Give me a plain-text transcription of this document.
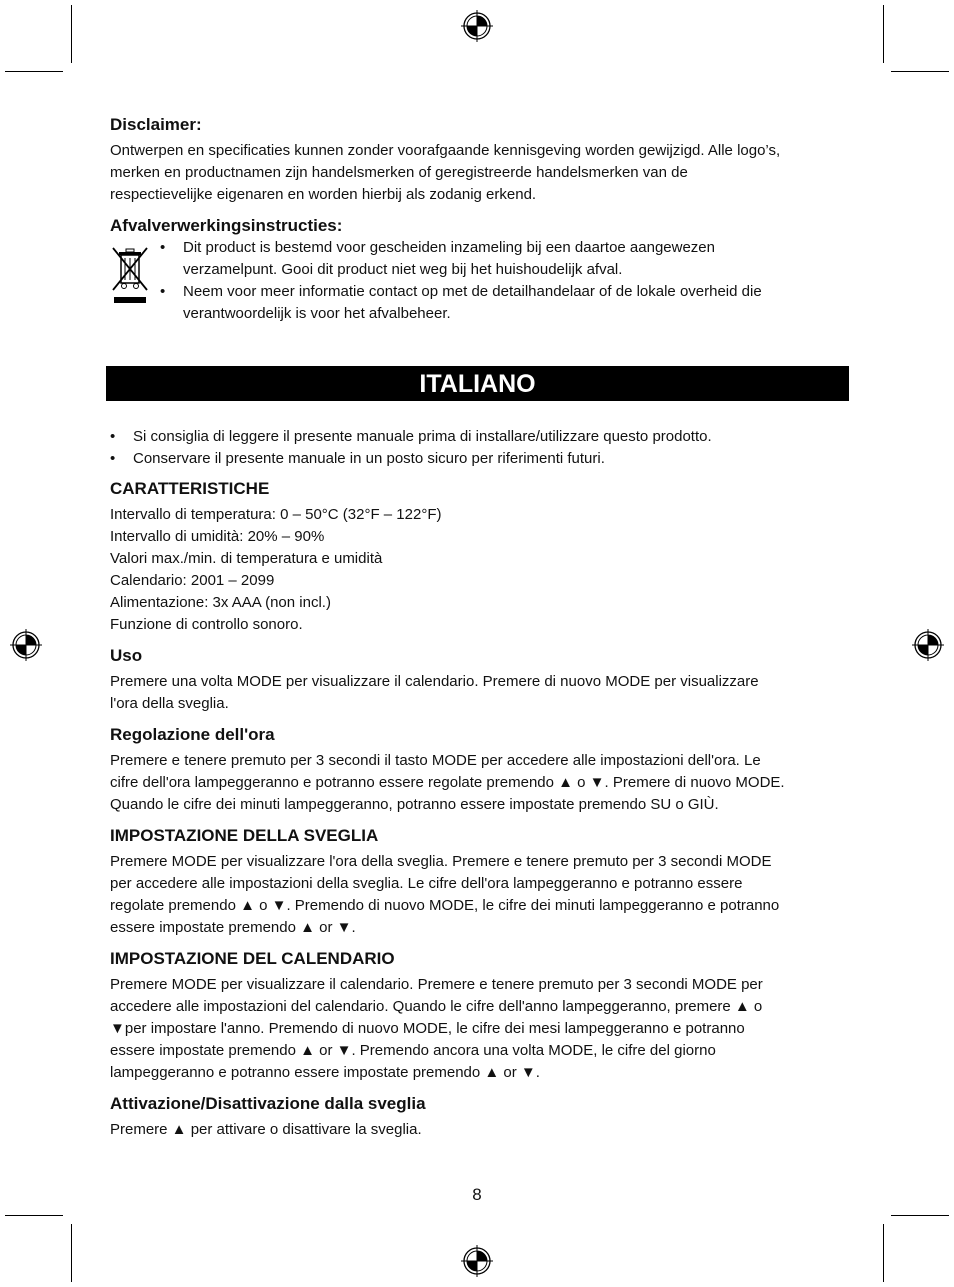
Disclaimer:

Ontwerpen en specificaties kunnen zonder voorafgaande kennisgeving worden gewijzigd. Alle logo’s,

merken en productnamen zijn handelsmerken of geregistreerde handelsmerken van de

respectievelijke eigenaren en worden hierbij als zodanig erkend.

Afvalverwerkingsinstructies:
• Dit product is bestemd voor gescheiden inzameling bij een daartoe aangewezen
verzamelpunt. Gooi dit product niet weg bij het huishoudelijk afval.
• Neem voor meer informatie contact op met de detailhandelaar of de lokale overheid die
verantwoordelijk is voor het afvalbeheer.
ITALIANO
• Si consiglia di leggere il presente manuale prima di installare/utilizzare questo prodotto.
• Conservare il presente manuale in un posto sicuro per riferimenti futuri.
CARATTERISTICHE

Intervallo di temperatura: 0 – 50°C (32°F – 122°F)

Intervallo di umidità: 20% – 90%

Valori max./min. di temperatura e umidità

Calendario: 2001 – 2099

Alimentazione: 3x AAA (non incl.)

Funzione di controllo sonoro.

Uso

Premere una volta MODE per visualizzare il calendario. Premere di nuovo MODE per visualizzare

l'ora della sveglia.

Regolazione dell'ora

Premere e tenere premuto per 3 secondi il tasto MODE per accedere alle impostazioni dell'ora. Le

cifre dell'ora lampeggeranno e potranno essere regolate premendo ▲ o ▼. Premere di nuovo MODE.

Quando le cifre dei minuti lampeggeranno, potranno essere impostate premendo SU o GIÙ.

IMPOSTAZIONE DELLA SVEGLIA

Premere MODE per visualizzare l'ora della sveglia. Premere e tenere premuto per 3 secondi MODE

per accedere alle impostazioni della sveglia. Le cifre dell'ora lampeggeranno e potranno essere

regolate premendo ▲ o ▼. Premendo di nuovo MODE, le cifre dei minuti lampeggeranno e potranno

essere impostate premendo ▲ or ▼.

IMPOSTAZIONE DEL CALENDARIO

Premere MODE per visualizzare il calendario. Premere e tenere premuto per 3 secondi MODE per

accedere alle impostazioni del calendario. Quando le cifre dell'anno lampeggeranno, premere ▲ o

▼per impostare l'anno. Premendo di nuovo MODE, le cifre dei mesi lampeggeranno e potranno

essere impostate premendo ▲ or ▼. Premendo ancora una volta MODE, le cifre del giorno

lampeggeranno e potranno essere impostate premendo ▲ or ▼.

Attivazione/Disattivazione dalla sveglia

Premere ▲ per attivare o disattivare la sveglia.

8
